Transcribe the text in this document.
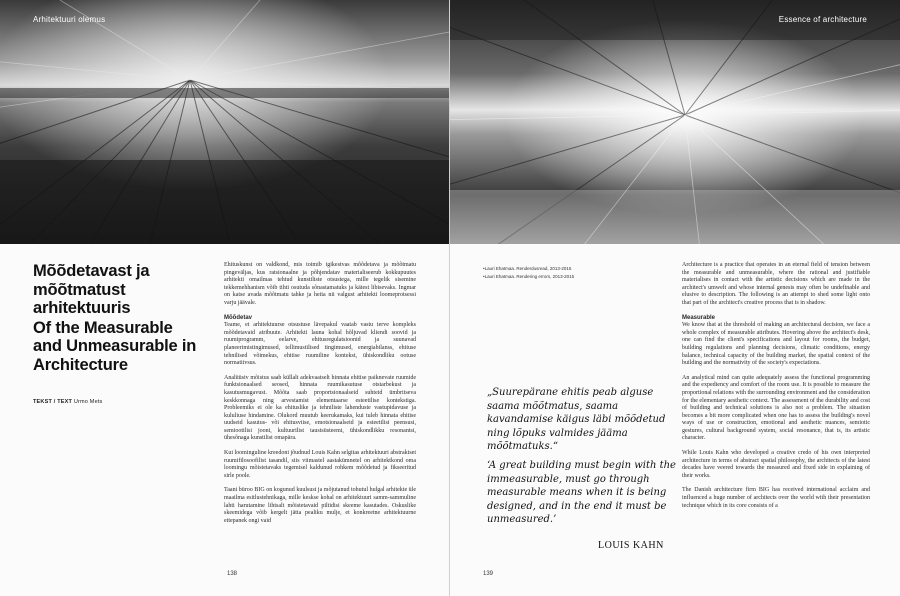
Arhitektuuri olemus
Mõõdetavast ja mõõtmatust arhitektuuris
Of the Measurable and Unmeasurable in Architecture
TEKST / TEXT Urmo Mets

Ehituskunst on valdkond, mis toimib igikestvas mõõdetava ja mõõtmatu pingeväljas, kus ratsionaalne ja põhjendatav materialiseerub kokkupuutes arhitekti omailmas tehtud kunstiliste otsustega, mille tegelik sisemine tekkemehhanism võib tihti osutuda sõnastamatuks ja kätest libisevaks. Ingmar on katse avada mõõtmatu tahke ja heita nii valgust arhitekti loomeprotsessi varju jäävale.

Mõõdetav

Teame, et arhitektuurse otsustuse lävepakul vaatab vastu terve kompleks mõõdetavaid atribuute. Arhitekti launa kohal hõljuvad kliendi soovid ja ruumiprogramm, eelarve, ehitusregulatsioonid ja suunavad planeerimistingimused, tellimustilised tingimused, energiabilanss, ehituse tehnilised võimekus, ehitise ruumiline kontekst, ühiskondliku ootuse normatiivsus.

Analüüsiv mõistus saab küllalt adekvaatselt hinnata ehitise paiknevate ruumide funktsionaalsed seosed, hinnata ruumikasutuse otstarbekust ja kasutusmugavust. Mõõta saab proportsionaalseid suhteid ümbritseva keskkonnaga ning arvestamist elementaarse esteetilise kontekstiga. Probleemiks ei ole ka ehituslike ja tehniliste lahenduste vastupidavuse ja kululiuse hindamine. Olukord muutub keerukamaks, kui tuleb hinnata ehitise uudseid kasutus- või ehitusviise, emotsionaalseid ja esteetilisi peensusi, semiootilisi jooni, kultuurilist taustsüsteemi, ühiskondlikku resonantsi, ühesõnaga kunstilist omapära.

Kui loominguline kreedoni jõudnud Louis Kahn selgitas arhitektuuri abstraktset ruumifilosoofilist tasandil, siis viimastel aastakümnetel on arhitektkond oma loomingu mõistetavaks tegemisel kaldunud rohkem mõõdetud ja fikseeritud sirle poole.

Taani büroo BIG on kogunud kuulsust ja mõjutanud tohutul hulgal arhitekte üle maailma esitlustehnikaga, mille keskse kohal on arhitektuuri samm-sammuline lahti harutamine lihtsalt mõistetavaid piltidisi skeeme kasutades. Oskuslike skeemidega võib kergelt jätta pealiku mulje, et konkreetne arhitektuurne ettepanek ongi vaid

138
Essence of architecture
• Lauri Ehatmaa. Renderdusread, 2013-2015
• Lauri Ehatmaa. Rendering errors, 2013-2015

„Suurepärane ehitis peab alguse saama mõõtmatus, saama kavandamise käigus läbi mõõdetud ning lõpuks valmides jääma mõõtmatuks.“

‘A great building must begin with the immeasurable, must go through measurable means when it is being designed, and in the end it must be unmeasured.’

LOUIS KAHN

Architecture is a practice that operates in an eternal field of tension between the measurable and unmeasurable, where the rational and justifiable materialises in contact with the artistic decisions which are made in the architect's umwelt and whose internal genesis may often be undefinable and elusive to description. The following is an attempt to shed some light onto that part of the architect's creative process that is in shadow.

Measurable

We know that at the threshold of making an architectural decision, we face a whole complex of measurable attributes. Hovering above the architect's desk, one can find the client's specifications and layout for rooms, the budget, building regulations and planning decisions, climatic conditions, energy balance, technical capacity of the building market, the spatial context of the building and the normativity of the society's expectations.

An analytical mind can quite adequately assess the functional programming and the expediency and comfort of the room use. It is possible to measure the proportional relations with the surrounding environment and the consideration for the elementary aesthetic context. The assessment of the durability and cost of building and technical solutions is also not a problem. The situation becomes a bit more complicated when one has to assess the building's novel ways of use or construction, emotional and aesthetic nuances, semiotic gestures, cultural background system, social resonance, that is, its artistic character.

While Louis Kahn who developed a creative credo of his own interpreted architecture in terms of abstract spatial philosophy, the architects of the latest decades have veered towards the measured and fixed side in explaining of their works.

The Danish architecture firm BIG has received international acclaim and influenced a huge number of architects over the world with their presentation technique which in its core consists of a

139
